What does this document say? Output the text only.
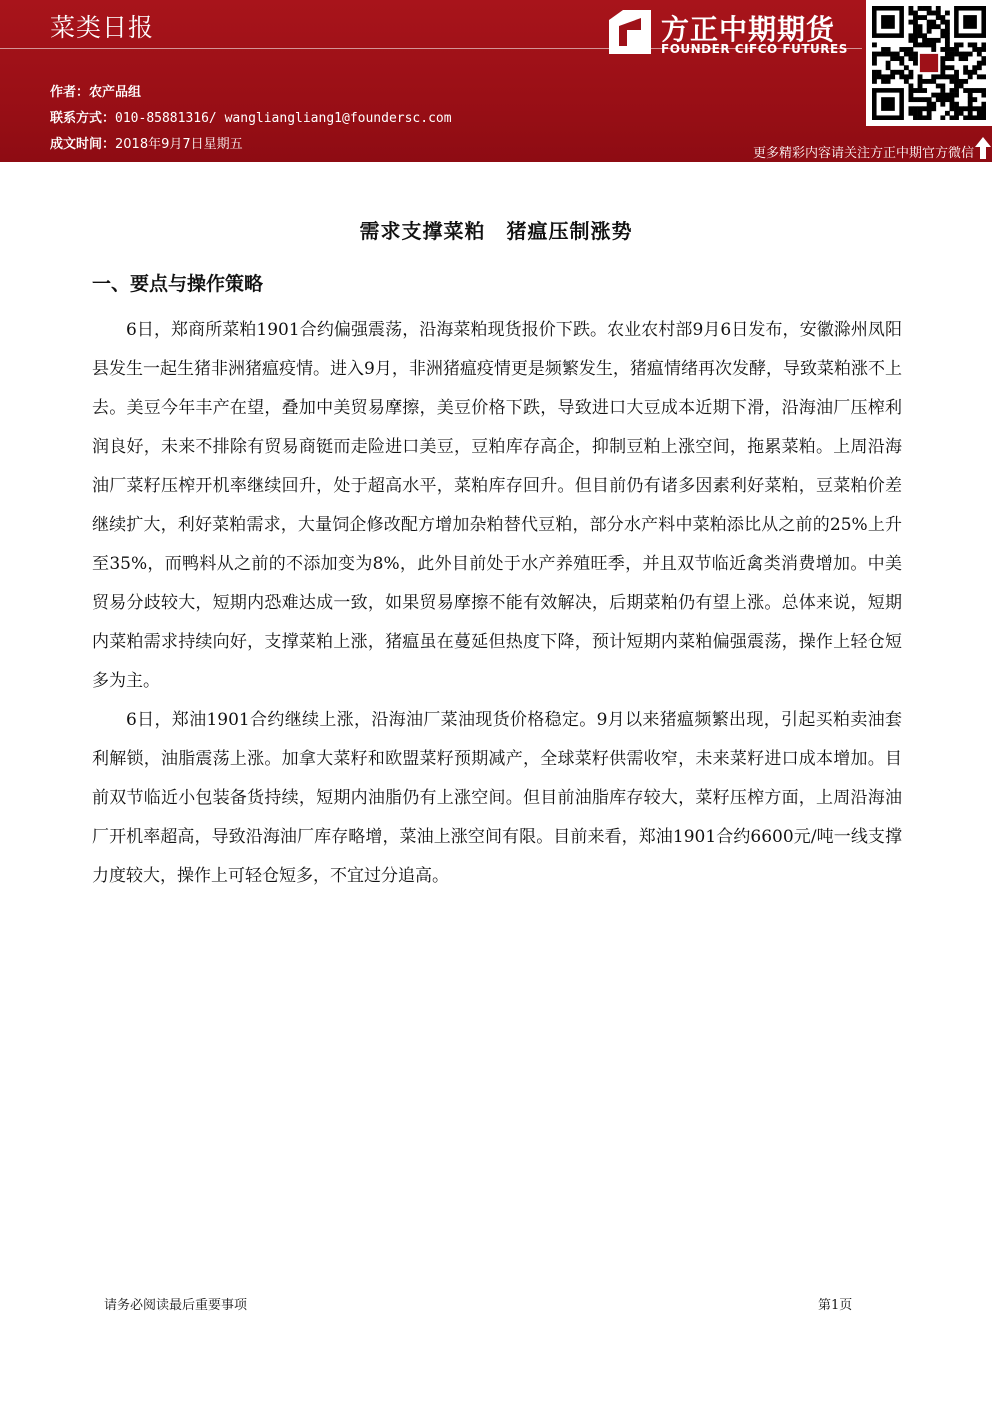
菜类日报
作者：农产品组
联系方式：010-85881316/ wangliangliang1@foundersc.com
成文时间：2018年9月7日星期五
方正中期期货
FOUNDER CIFCO FUTURES
更多精彩内容请关注方正中期官方微信
需求支撑菜粕　猪瘟压制涨势
一、要点与操作策略

6日，郑商所菜粕1901合约偏强震荡，沿海菜粕现货报价下跌。农业农村部9月6日发布，安徽滁州凤阳县发生一起生猪非洲猪瘟疫情。进入9月，非洲猪瘟疫情更是频繁发生，猪瘟情绪再次发酵，导致菜粕涨不上去。美豆今年丰产在望，叠加中美贸易摩擦，美豆价格下跌，导致进口大豆成本近期下滑，沿海油厂压榨利润良好，未来不排除有贸易商铤而走险进口美豆，豆粕库存高企，抑制豆粕上涨空间，拖累菜粕。上周沿海油厂菜籽压榨开机率继续回升，处于超高水平，菜粕库存回升。但目前仍有诸多因素利好菜粕，豆菜粕价差继续扩大，利好菜粕需求，大量饲企修改配方增加杂粕替代豆粕，部分水产料中菜粕添比从之前的25%上升至35%，而鸭料从之前的不添加变为8%，此外目前处于水产养殖旺季，并且双节临近禽类消费增加。中美贸易分歧较大，短期内恐难达成一致，如果贸易摩擦不能有效解决，后期菜粕仍有望上涨。总体来说，短期内菜粕需求持续向好，支撑菜粕上涨，猪瘟虽在蔓延但热度下降，预计短期内菜粕偏强震荡，操作上轻仓短多为主。

6日，郑油1901合约继续上涨，沿海油厂菜油现货价格稳定。9月以来猪瘟频繁出现，引起买粕卖油套利解锁，油脂震荡上涨。加拿大菜籽和欧盟菜籽预期减产，全球菜籽供需收窄，未来菜籽进口成本增加。目前双节临近小包装备货持续，短期内油脂仍有上涨空间。但目前油脂库存较大，菜籽压榨方面，上周沿海油厂开机率超高，导致沿海油厂库存略增，菜油上涨空间有限。目前来看，郑油1901合约6600元/吨一线支撑力度较大，操作上可轻仓短多，不宜过分追高。

请务必阅读最后重要事项	第1页
